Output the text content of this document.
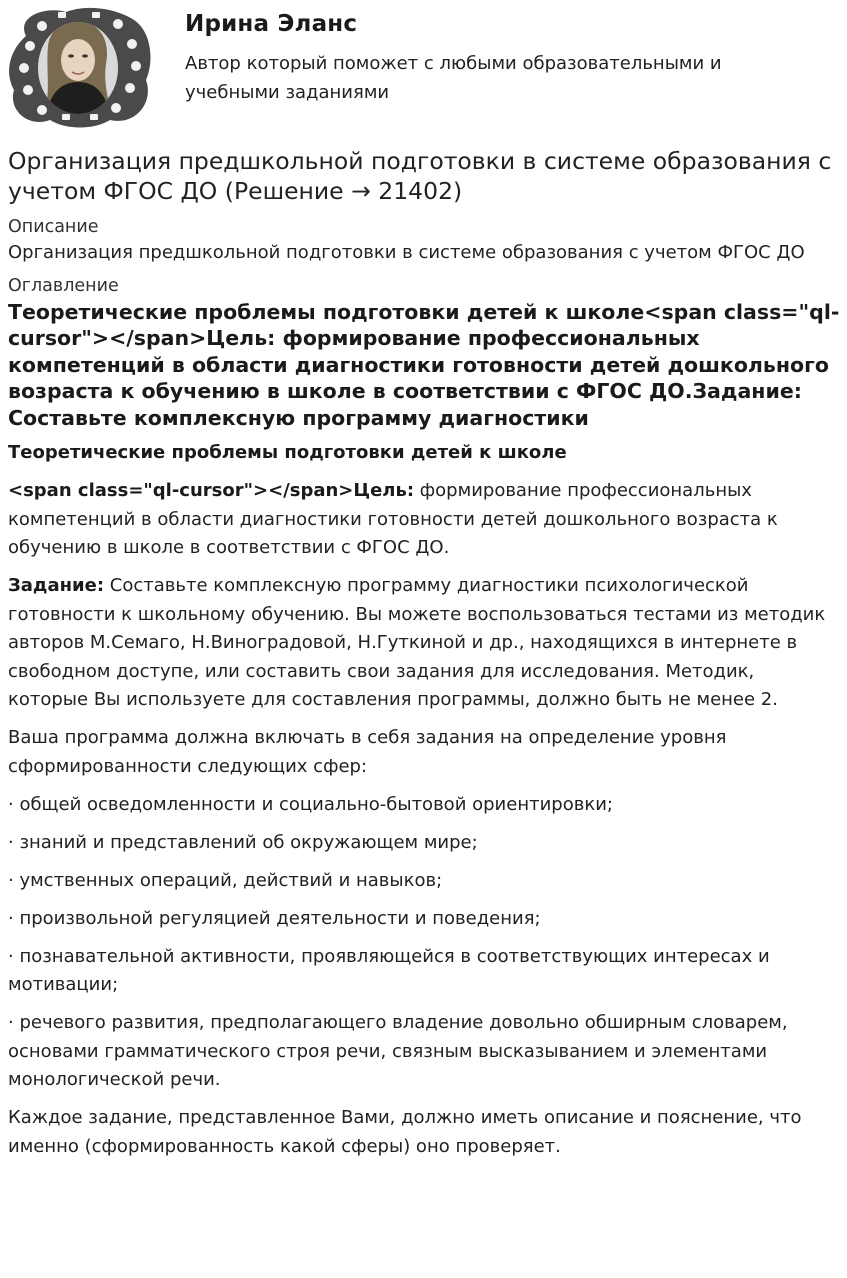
Ирина Эланс
Автор который поможет с любыми образовательными и учебными заданиями
Организация предшкольной подготовки в системе образования с учетом ФГОС ДО (Решение → 21402)
Описание
Организация предшкольной подготовки в системе образования с учетом ФГОС ДО
Оглавление
Теоретические проблемы подготовки детей к школе<span class="ql-cursor"></span>Цель: формирование профессиональных компетенций в области диагностики готовности детей дошкольного возраста к обучению в школе в соответствии с ФГОС ДО.Задание: Составьте комплексную программу диагностики
Теоретические проблемы подготовки детей к школе
<span class="ql-cursor"></span>Цель: формирование профессиональных компетенций в области диагностики готовности детей дошкольного возраста к обучению в школе в соответствии с ФГОС ДО.
Задание: Составьте комплексную программу диагностики психологической готовности к школьному обучению. Вы можете воспользоваться тестами из методик авторов М.Семаго, Н.Виноградовой, Н.Гуткиной и др., находящихся в интернете в свободном доступе, или составить свои задания для исследования. Методик, которые Вы используете для составления программы, должно быть не менее 2.
Ваша программа должна включать в себя задания на определение уровня сформированности следующих сфер:
· общей осведомленности и социально-бытовой ориентировки;
· знаний и представлений об окружающем мире;
· умственных операций, действий и навыков;
· произвольной регуляцией деятельности и поведения;
· познавательной активности, проявляющейся в соответствующих интересах и мотивации;
· речевого развития, предполагающего владение довольно обширным словарем, основами грамматического строя речи, связным высказыванием и элементами монологической речи.
Каждое задание, представленное Вами, должно иметь описание и пояснение, что именно (сформированность какой сферы) оно проверяет.
